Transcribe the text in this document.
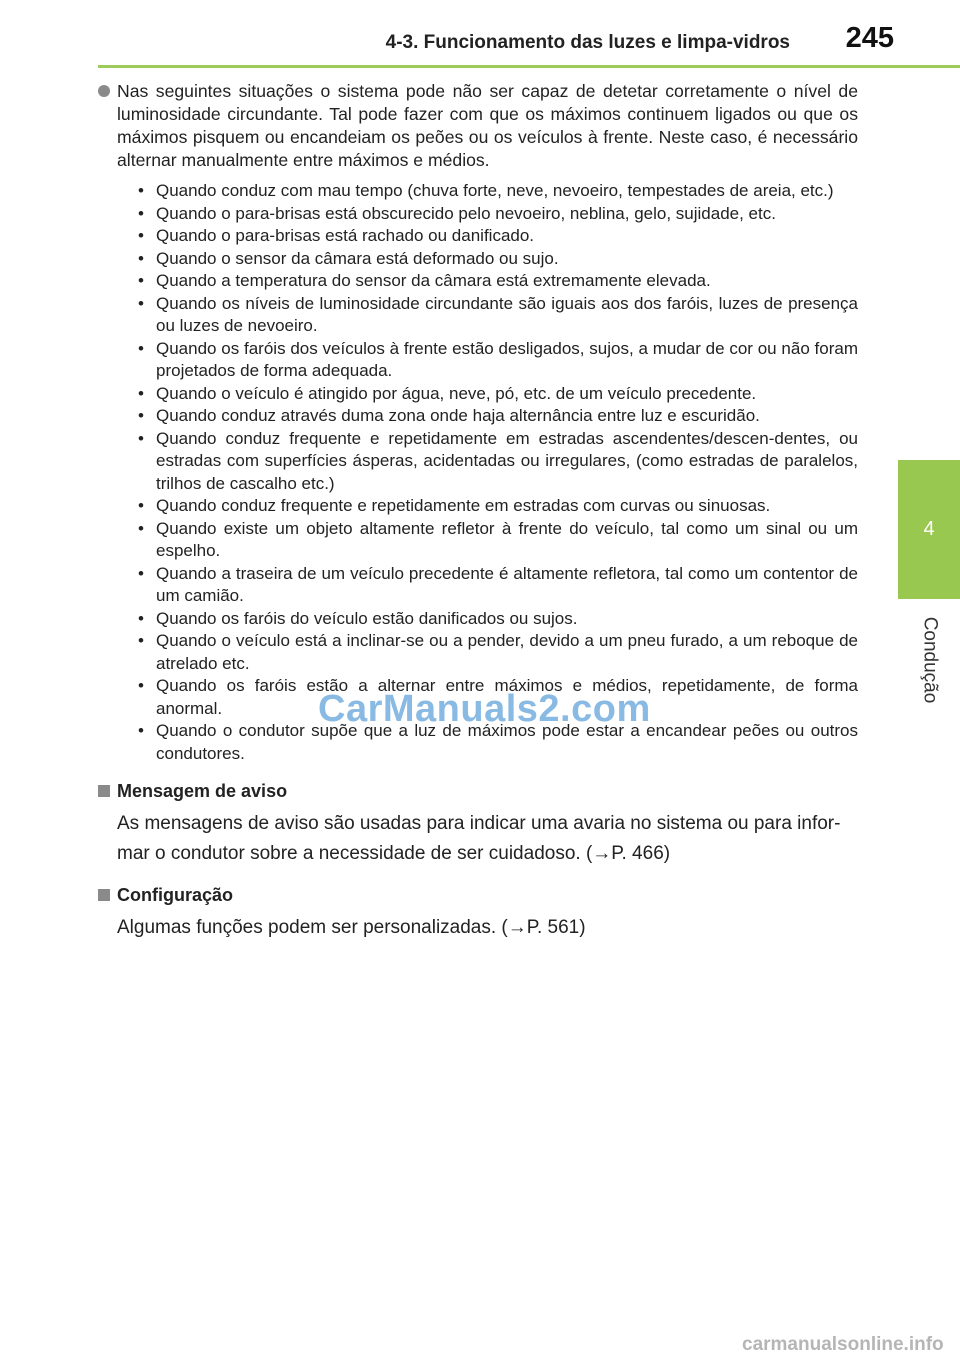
4-3. Funcionamento das luzes e limpa-vidros 245
4
Condução

Nas seguintes situações o sistema pode não ser capaz de detetar corretamente o nível de luminosidade circundante. Tal pode fazer com que os máximos continuem ligados ou que os máximos pisquem ou encandeiam os peões ou os veículos à frente. Neste caso, é necessário alternar manualmente entre máximos e médios.

• Quando conduz com mau tempo (chuva forte, neve, nevoeiro, tempestades de areia, etc.)
• Quando o para-brisas está obscurecido pelo nevoeiro, neblina, gelo, sujidade, etc.
• Quando o para-brisas está rachado ou danificado.
• Quando o sensor da câmara está deformado ou sujo.
• Quando a temperatura do sensor da câmara está extremamente elevada.
• Quando os níveis de luminosidade circundante são iguais aos dos faróis, luzes de presença ou luzes de nevoeiro.
• Quando os faróis dos veículos à frente estão desligados, sujos, a mudar de cor ou não foram projetados de forma adequada.
• Quando o veículo é atingido por água, neve, pó, etc. de um veículo precedente.
• Quando conduz através duma zona onde haja alternância entre luz e escuridão.
• Quando conduz frequente e repetidamente em estradas ascendentes/descen-dentes, ou estradas com superfícies ásperas, acidentadas ou irregulares, (como estradas de paralelos, trilhos de cascalho etc.)
• Quando conduz frequente e repetidamente em estradas com curvas ou sinuosas.
• Quando existe um objeto altamente refletor à frente do veículo, tal como um sinal ou um espelho.
• Quando a traseira de um veículo precedente é altamente refletora, tal como um contentor de um camião.
• Quando os faróis do veículo estão danificados ou sujos.
• Quando o veículo está a inclinar-se ou a pender, devido a um pneu furado, a um reboque de atrelado etc.
• Quando os faróis estão a alternar entre máximos e médios, repetidamente, de forma anormal.
• Quando o condutor supõe que a luz de máximos pode estar a encandear peões ou outros condutores.
Mensagem de aviso

As mensagens de aviso são usadas para indicar uma avaria no sistema ou para infor-mar o condutor sobre a necessidade de ser cuidadoso. (→P. 466)

Configuração

Algumas funções podem ser personalizadas. (→P. 561)

CarManuals2.com
carmanualsonline.info
